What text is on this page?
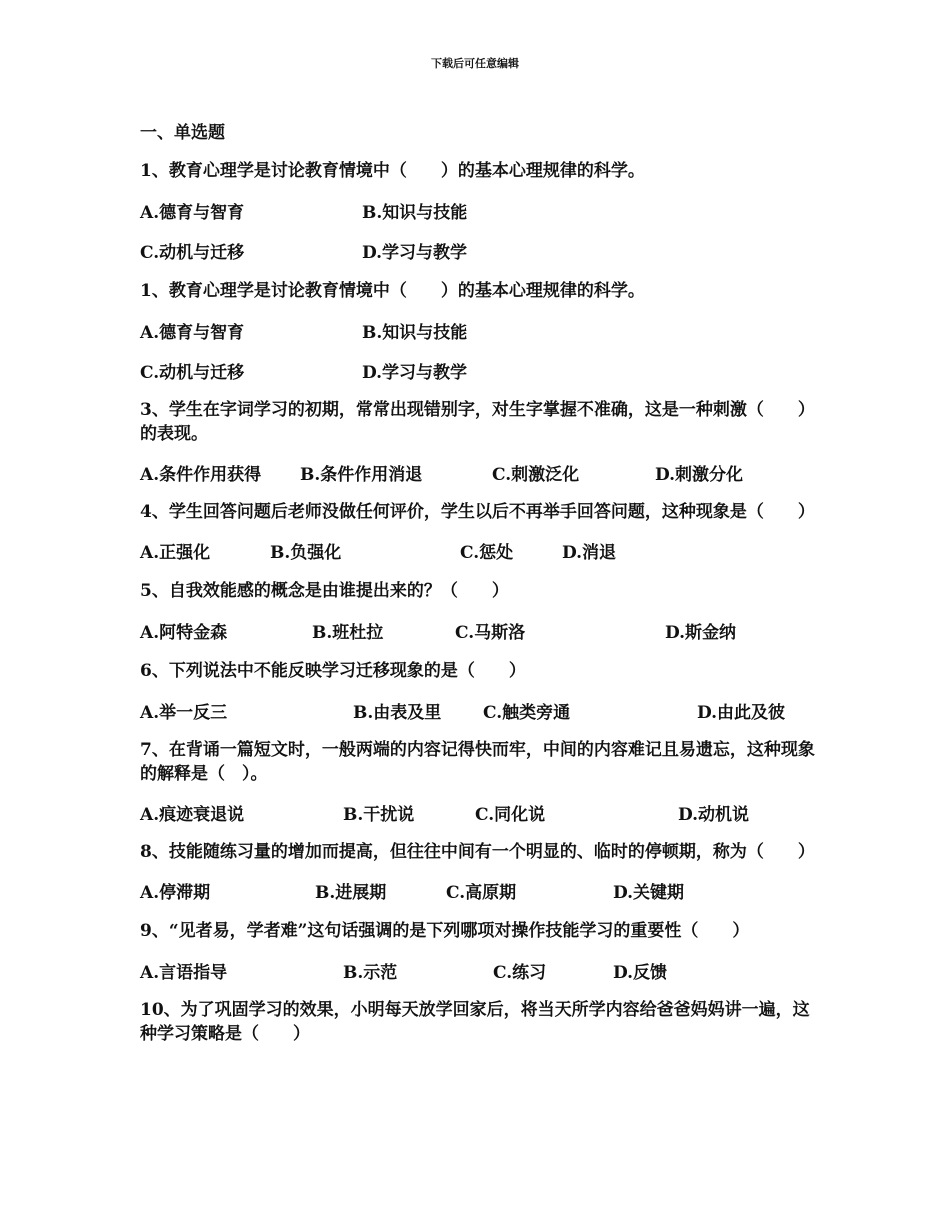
下载后可任意编辑
一、单选题
1、教育心理学是讨论教育情境中（　　）的基本心理规律的科学。
A.德育与智育	B.知识与技能
C.动机与迁移	D.学习与教学
1、教育心理学是讨论教育情境中（　　）的基本心理规律的科学。
A.德育与智育	B.知识与技能
C.动机与迁移	D.学习与教学
3、学生在字词学习的初期，常常出现错别字，对生字掌握不准确，这是一种刺激（　　）的表现。
A.条件作用获得 B.条件作用消退	C.刺激泛化	D.刺激分化
4、学生回答问题后老师没做任何评价，学生以后不再举手回答问题，这种现象是（　　）
A.正强化	B.负强化	C.惩处	D.消退
5、自我效能感的概念是由谁提出来的？（　　）
A.阿特金森	B.班杜拉	C.马斯洛	D.斯金纳
6、下列说法中不能反映学习迁移现象的是（　　）
A.举一反三	B.由表及里 C.触类旁通	D.由此及彼
7、在背诵一篇短文时，一般两端的内容记得快而牢，中间的内容难记且易遗忘，这种现象的解释是（　）。
A.痕迹衰退说	B.干扰说	C.同化说	D.动机说
8、技能随练习量的增加而提高，但往往中间有一个明显的、临时的停顿期，称为（　　）
A.停滞期	B.进展期	C.高原期	D.关键期
9、“见者易，学者难”这句话强调的是下列哪项对操作技能学习的重要性（　　）
A.言语指导	B.示范	C.练习	D.反馈
10、为了巩固学习的效果，小明每天放学回家后，将当天所学内容给爸爸妈妈讲一遍，这种学习策略是（　　）
